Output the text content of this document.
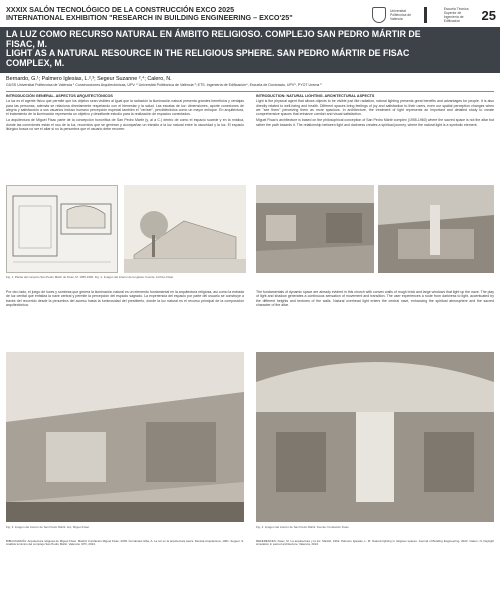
XXXIX SALÓN TECNOLÓGICO DE LA CONSTRUCCIÓN EXCO 2025
INTERNATIONAL EXHIBITION "RESEARCH IN BUILDING ENGINEERING – EXCO'25"
Universitat Politècnica de València
Escuela Técnica Superior de Ingeniería de Edificación	25
LA LUZ COMO RECURSO NATURAL EN ÁMBITO RELIGIOSO. COMPLEJO SAN PEDRO MÁRTIR DE FISAC, M.
LIGHT AS A NATURAL RESOURCE IN THE RELIGIOUS SPHERE. SAN PEDRO MÁRTIR DE FISAC COMPLEX, M.
Bernardo, G.¹; Palmero Iglesias, L.²,³; Segeur Suzanne ²,⁴; Calero, N.
GUSS Universitat Politècnica de València ¹ Construcciones Arquitectónicas, UPV. ² Universitat Politècnica de València ³; ETS. Ingeniería de Edificación⁴, Escuela de Doctorado, UPV⁵, PYOT Urema ⁶
INTRODUCCIÓN GENERAL. ASPECTOS ARQUITECTÓNICOS
La luz es el agente físico que permite que los objetos sean visibles al igual que la radiación la iluminación natural presenta grandes beneficios y ventajas para las personas, además se relaciona directamente respetando con el bienestar y la salud. Las escalas de luz: dimensiones, aporte conexiones de alegría y satisfacción a sus usuarios incluso humano percepción especial también el "ver/ser", percibiéndolos como un mayor enfoque. En arquitectura, el tratamiento de la iluminación representa un objetivo y desafiante estudio para la realización de espacios conectados.
La arquitectura de Miguel Fisac parte de la concepción honorífica de San Pedro Mártir (y, al a C.) dentro de como el espacio sucede y en la mística, donde las conexiones están el uso de la luz, recorridos que se generan y acompañan un tránsito a la luz natural entre la oscuridad y la luz. El espacio litúrgico busca no ser el altar si no la penumbra que el usuario debe recorrer.
INTRODUCTION: NATURAL LIGHTING. ARCHITECTURAL ASPECTS
Light is the physical agent that allows objects to be visible just like radiation, natural lighting presents great benefits and advantages for people. It is also directly related to well-being and health. Different spaces bring feelings of joy and satisfaction to their users, even our spatial perception changes when we "see them" perceiving them as more spacious. In architecture, the treatment of light represents an important and detailed study to create comprehensive spaces that enhance comfort and visual satisfaction.
Miguel Fisac's architecture is based on the philosophical conception of San Pedro Mártir complex (1955-1960) where the sacred space is not the altar but rather the path towards it. The relationship between light and darkness creates a spiritual journey, where the natural light is a symbolic element.
Fig. 1. Planta del conjunto San Pedro Mártir de Fisac, M. 1955-1960. Fig. 2. Imagen del interior de la iglesia. Fuente: Archivo Fisac.
Por otro lado, el juego de luces y sombras que genera la iluminación natural es un elemento fundamental en la arquitectura religiosa, así como la entrada de luz cenital que enfatiza la nave central y permite la percepción del espacio sagrado. La experiencia del espacio por parte del usuario se construye a través del recorrido desde la penumbra del acceso hasta la luminosidad del presbiterio, donde la luz natural es el recurso principal de la composición arquitectónica.
The fundamentals of dynamic space are already evident in this church with convex walls of rough brick and large windows that light up the nave. The play of light and shadow generates a continuous sensation of movement and transition. The user experiences a route from darkness to light, accentuated by the different heights and textures of the walls. Natural overhead light enters the central nave, enhancing the spiritual atmosphere and the sacred character of the altar.
Fig. 3. Imagen del interior de San Pedro Mártir. Arq. Miguel Fisac.	Fig. 4. Imagen del interior de San Pedro Mártir. Fuente: Fundación Fisac.
BIBLIOGRAFÍA: Arquitectura religiosa de Miguel Fisac. Madrid: Fundación Miguel Fisac, 2005. Fernández Alba, A. La luz en la arquitectura sacra. Revista Arquitectura, 1961. Segeur, S. Análisis lumínico del complejo San Pedro Mártir. Valencia: UPV, 2024.
REFERENCES: Fisac, M. La arquitectura y la luz. Madrid, 1962. Palmero Iglesias, L. M. Natural lighting in religious spaces. Journal of Building Engineering, 2023. Calero, N. Daylight simulation in sacred architecture. Valencia, 2024.
